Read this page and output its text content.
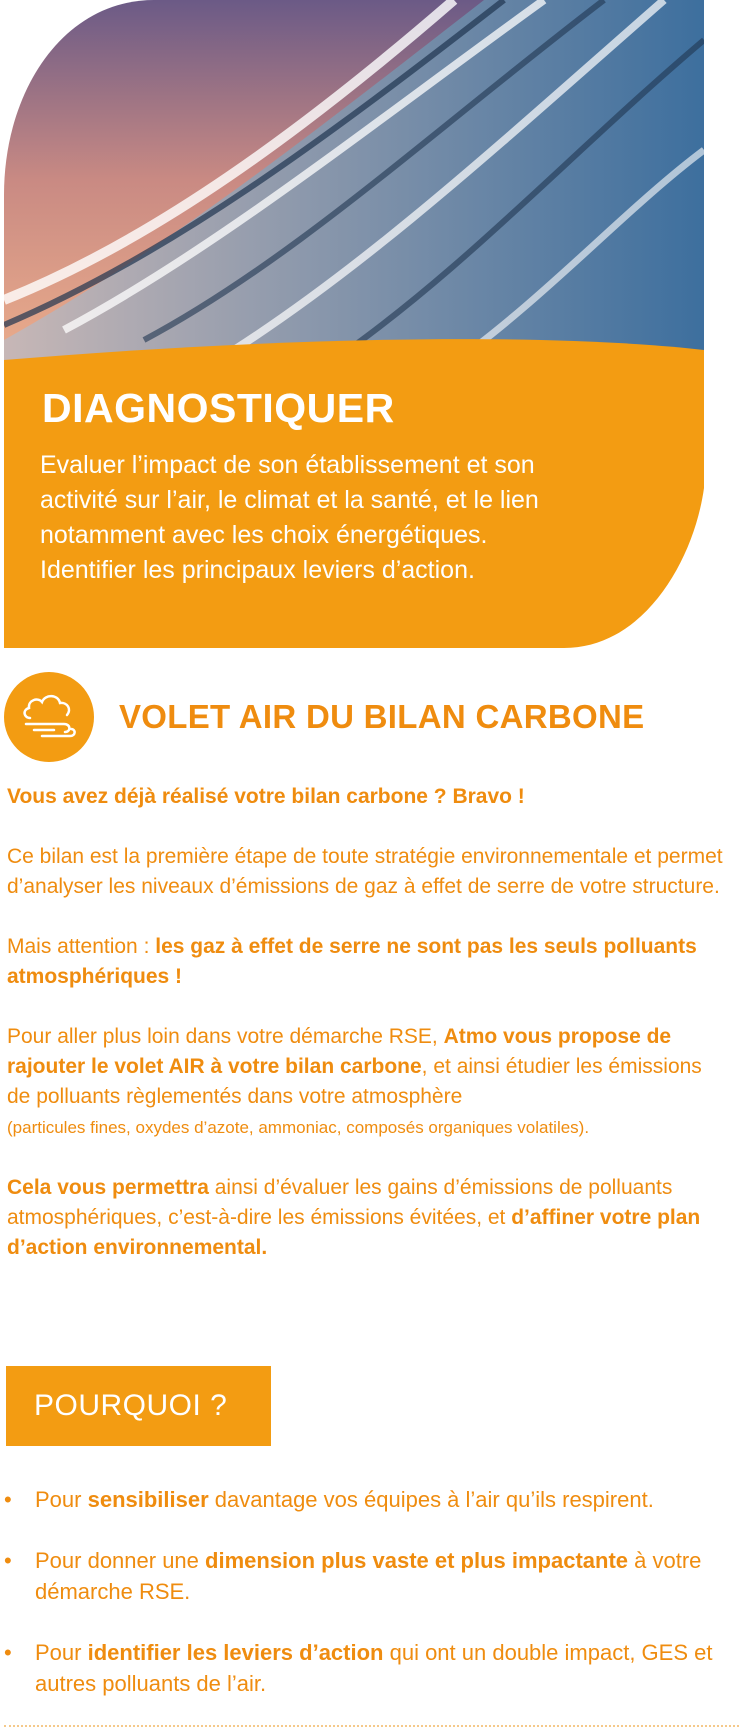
DIAGNOSTIQUER

Evaluer l’impact de son établissement et son activité sur l’air, le climat et la santé, et le lien notamment avec les choix énergétiques. Identifier les principaux leviers d’action.

VOLET AIR DU BILAN CARBONE

Vous avez déjà réalisé votre bilan carbone ? Bravo !

Ce bilan est la première étape de toute stratégie environnementale et permet d’analyser les niveaux d’émissions de gaz à effet de serre de votre structure.

Mais attention : les gaz à effet de serre ne sont pas les seuls polluants atmosphériques !

Pour aller plus loin dans votre démarche RSE, Atmo vous propose de rajouter le volet AIR à votre bilan carbone, et ainsi étudier les émissions de polluants règlementés dans votre atmosphère
(particules fines, oxydes d’azote, ammoniac, composés organiques volatiles).

Cela vous permettra ainsi d’évaluer les gains d’émissions de polluants atmosphériques, c’est-à-dire les émissions évitées, et d’affiner votre plan d’action environnemental.

POURQUOI ?
• Pour sensibiliser davantage vos équipes à l’air qu’ils respirent.
• Pour donner une dimension plus vaste et plus impactante à votre démarche RSE.
• Pour identifier les leviers d’action qui ont un double impact, GES et autres polluants de l’air.
